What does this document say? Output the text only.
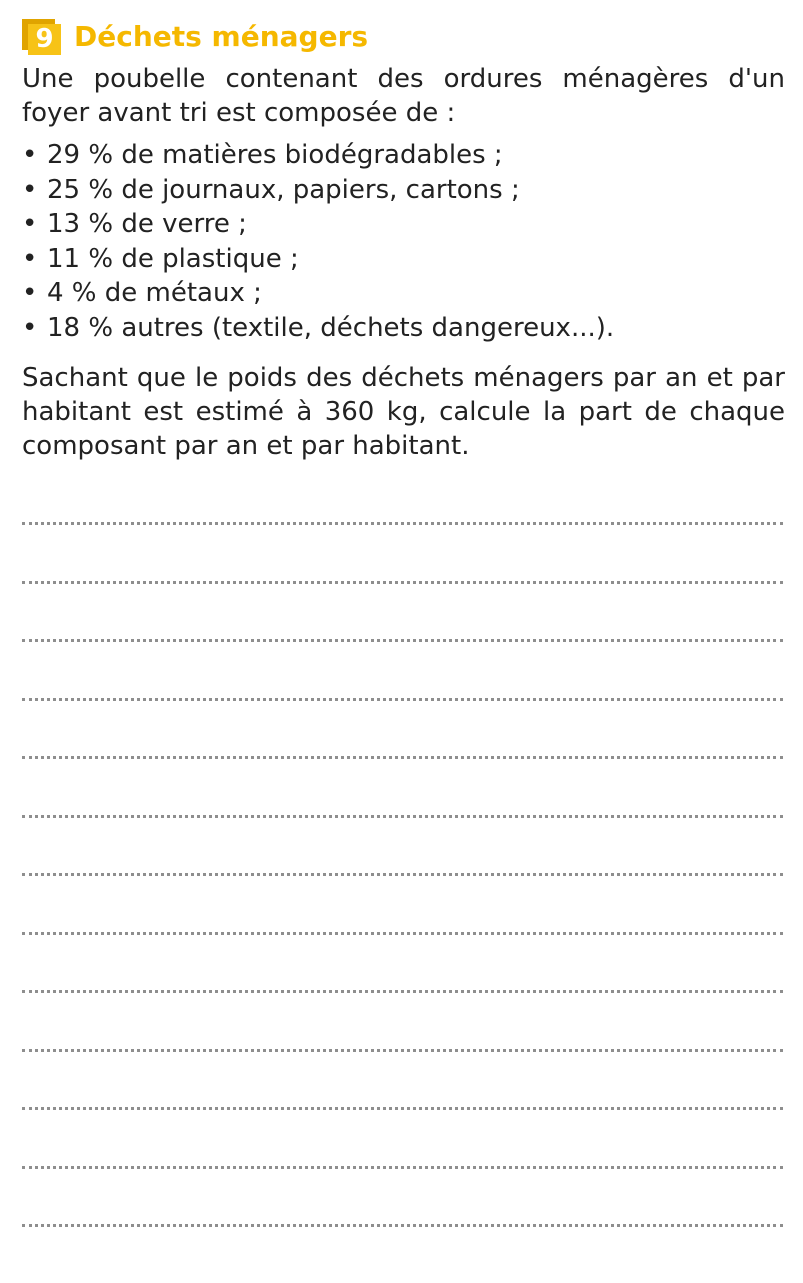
9 Déchets ménagers

Une poubelle contenant des ordures ménagères d'un foyer avant tri est composée de :

• 29 % de matières biodégradables ;
• 25 % de journaux, papiers, cartons ;
• 13 % de verre ;
• 11 % de plastique ;
• 4 % de métaux ;
• 18 % autres (textile, déchets dangereux...).

Sachant que le poids des déchets ménagers par an et par habitant est estimé à 360 kg, calcule la part de chaque composant par an et par habitant.
